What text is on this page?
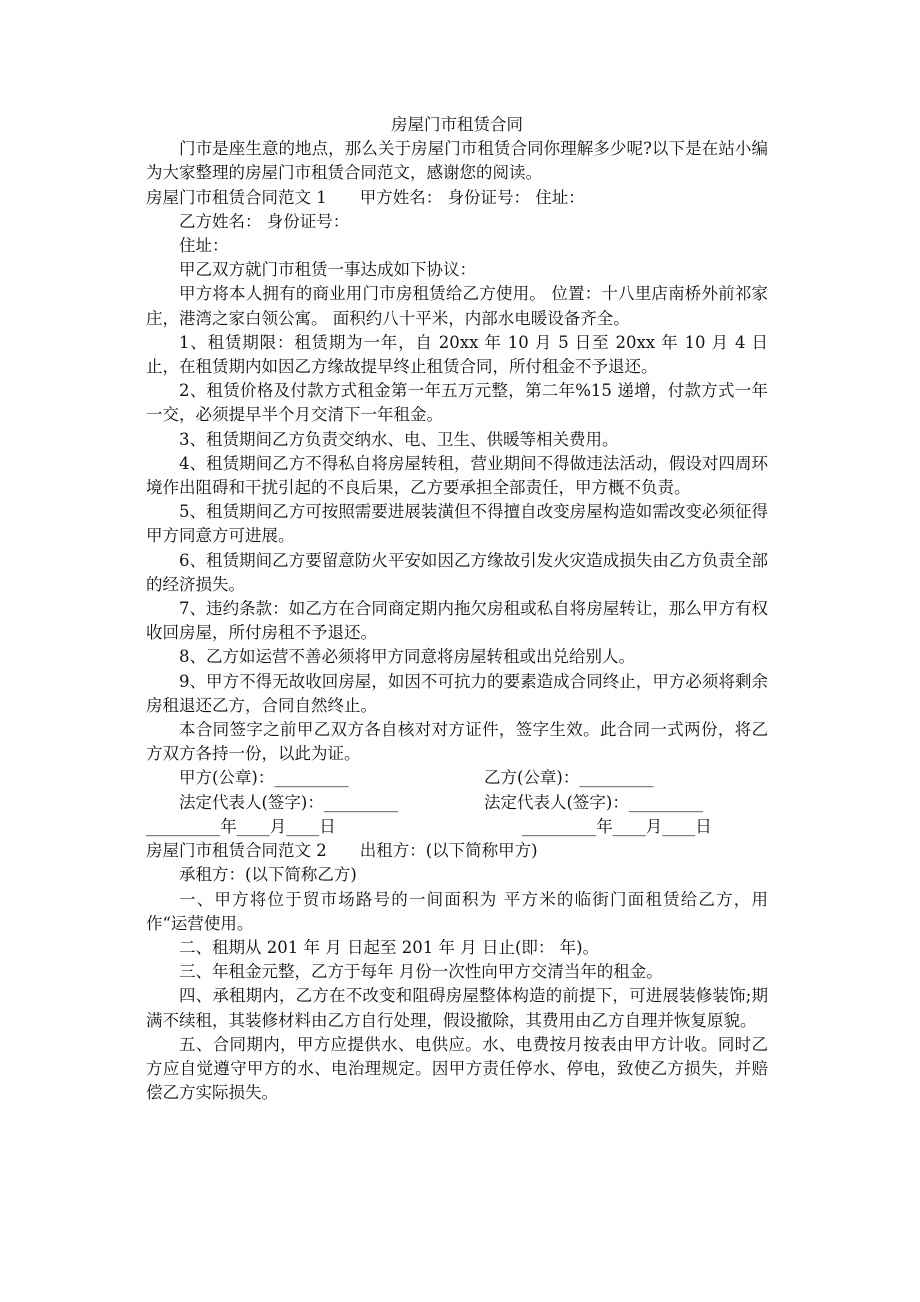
房屋门市租赁合同

门市是座生意的地点，那么关于房屋门市租赁合同你理解多少呢?以下是在站小编为大家整理的房屋门市租赁合同范文，感谢您的阅读。

房屋门市租赁合同范文 1　　甲方姓名： 身份证号： 住址：

乙方姓名： 身份证号：

住址：

甲乙双方就门市租赁一事达成如下协议：

甲方将本人拥有的商业用门市房租赁给乙方使用。 位置：十八里店南桥外前祁家庄，港湾之家白领公寓。 面积约八十平米，内部水电暖设备齐全。

1、租赁期限：租赁期为一年，自 20xx 年 10 月 5 日至 20xx 年 10 月 4 日止，在租赁期内如因乙方缘故提早终止租赁合同，所付租金不予退还。

2、租赁价格及付款方式租金第一年五万元整，第二年%15 递增，付款方式一年一交，必须提早半个月交清下一年租金。

3、租赁期间乙方负责交纳水、电、卫生、供暖等相关费用。

4、租赁期间乙方不得私自将房屋转租，营业期间不得做违法活动，假设对四周环境作出阻碍和干扰引起的不良后果，乙方要承担全部责任，甲方概不负责。

5、租赁期间乙方可按照需要进展装潢但不得擅自改变房屋构造如需改变必须征得甲方同意方可进展。

6、租赁期间乙方要留意防火平安如因乙方缘故引发火灾造成损失由乙方负责全部的经济损失。

7、违约条款：如乙方在合同商定期内拖欠房租或私自将房屋转让，那么甲方有权收回房屋，所付房租不予退还。

8、乙方如运营不善必须将甲方同意将房屋转租或出兑给别人。

9、甲方不得无故收回房屋，如因不可抗力的要素造成合同终止，甲方必须将剩余房租退还乙方，合同自然终止。

本合同签字之前甲乙双方各自核对对方证件，签字生效。此合同一式两份，将乙方双方各持一份，以此为证。

甲方(公章)：_________	乙方(公章)：_________
法定代表人(签字)：_________	法定代表人(签字)：_________
_________年____月____日	_________年____月____日

房屋门市租赁合同范文 2　　出租方：(以下简称甲方)

承租方：(以下简称乙方)

一、甲方将位于贸市场路号的一间面积为 平方米的临街门面租赁给乙方，用作“运营使用。

二、租期从 201 年 月 日起至 201 年 月 日止(即： 年)。

三、年租金元整，乙方于每年 月份一次性向甲方交清当年的租金。

四、承租期内，乙方在不改变和阻碍房屋整体构造的前提下，可进展装修装饰;期满不续租，其装修材料由乙方自行处理，假设撤除，其费用由乙方自理并恢复原貌。

五、合同期内，甲方应提供水、电供应。水、电费按月按表由甲方计收。同时乙方应自觉遵守甲方的水、电治理规定。因甲方责任停水、停电，致使乙方损失，并赔偿乙方实际损失。
